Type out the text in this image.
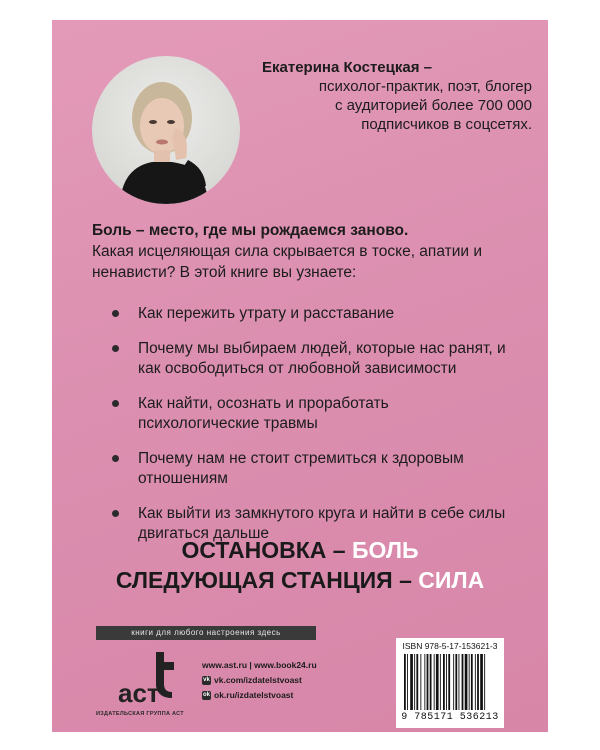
Екатерина Костецкая –
психолог-практик, поэт, блогер
с аудиторией более 700 000
подписчиков в соцсетях.
Боль – место, где мы рождаемся заново.
Какая исцеляющая сила скрывается в тоске, апатии и ненависти? В этой книге вы узнаете:
Как пережить утрату и расставание
Почему мы выбираем людей, которые нас ранят, и как освободиться от любовной зависимости
Как найти, осознать и проработать психологические травмы
Почему нам не стоит стремиться к здоровым отношениям
Как выйти из замкнутого круга и найти в себе силы двигаться дальше
ОСТАНОВКА – БОЛЬ
СЛЕДУЮЩАЯ СТАНЦИЯ – СИЛА
книги для любого настроения здесь
аст
ИЗДАТЕЛЬСКАЯ ГРУППА АСТ
www.ast.ru | www.book24.ru
vk vk.com/izdatelstvoast
ok ok.ru/izdatelstvoast
ISBN 978-5-17-153621-3
9 785171 536213
